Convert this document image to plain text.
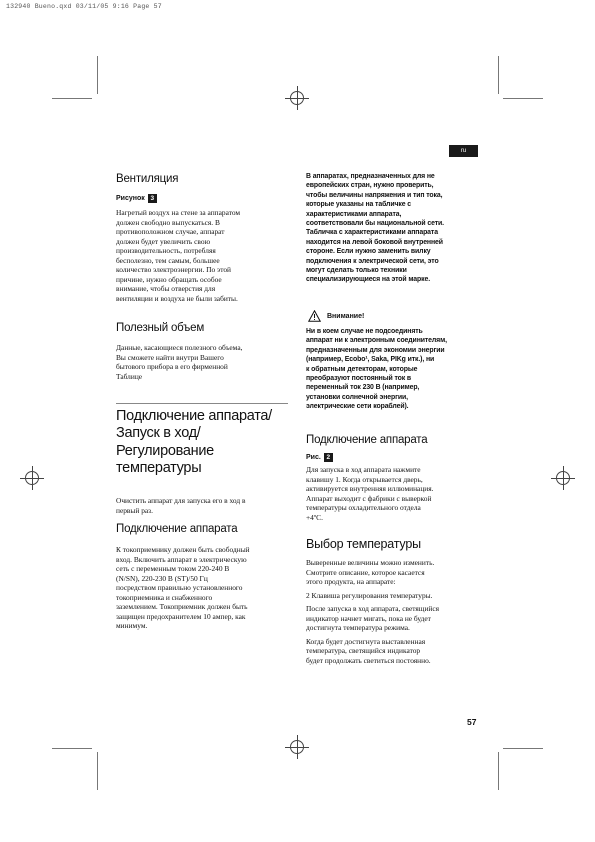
132940 Bueno.qxd 03/11/05 9:16 Page 57
ru
Вентиляция
Рисунок 3

Нагретый воздух на стене за аппаратом

должен свободно выпускаться. В

противоположном случае, аппарат

должен будет увеличить свою

производительность, потребляя

бесполезно, тем самым, большее

количество электроэнергии. По этой

причине, нужно обращать особое

внимание, чтобы отверстия для

вентиляции и воздуха не были забиты.

Полезный объем

Данные, касающиеся полезного объема,

Вы сможете найти внутри Вашего

бытового прибора в его фирменной

Таблице

Подключение аппарата/
Запуск в ход/
Регулирование
температуры

Очистить аппарат для запуска его в ход в

первый раз.

Подключение аппарата

К токоприемнику должен быть свободный

вход. Включить аппарат в электрическую

сеть с переменным током 220-240 В

(N/SN), 220-230 В (ST)/50 Гц

посредством правильно установленного

токоприемника и снабженного

заземлением. Токоприемник должен быть

защищен предохранителем 10 ампер, как

минимум.

В аппаратах, предназначенных для не

европейских стран, нужно проверить,

чтобы величины напряжения и тип тока,

которые указаны на табличке с

характеристиками аппарата,

соответствовали бы национальной сети.

Табличка с характеристиками аппарата

находится на левой боковой внутренней

стороне. Если нужно заменить вилку

подключения к электрической сети, это

могут сделать только техники

специализирующиеся на этой марке.

Внимание!

Ни в коем случае не подсоединять

аппарат ни к электронным соединителям,

предназначенным для экономии энергии

(например, Ecobo¹, Saka, PIKg итк.), ни

к обратным детекторам, которые

преобразуют постоянный ток в

переменный ток 230 В (например,

установки солнечной энергии,

электрические сети кораблей).

Подключение аппарата
Рис. 2

Для запуска в ход аппарата нажмите

клавишу 1. Когда открывается дверь,

активируется внутренняя иллюминация.

Аппарат выходит с фабрики с выверкой

температуры охладительного отдела

+4ºC.

Выбор температуры

Выверенные величины можно изменить.

Смотрите описание, которое касается

этого продукта, на аппарате:

2 Клавиша регулирования температуры.

После запуска в ход аппарата, светящийся

индикатор начнет мигать, пока не будет

достигнута температура режима.

Когда будет достигнута выставленная

температура, светящийся индикатор

будет продолжать светиться постоянно.

57
